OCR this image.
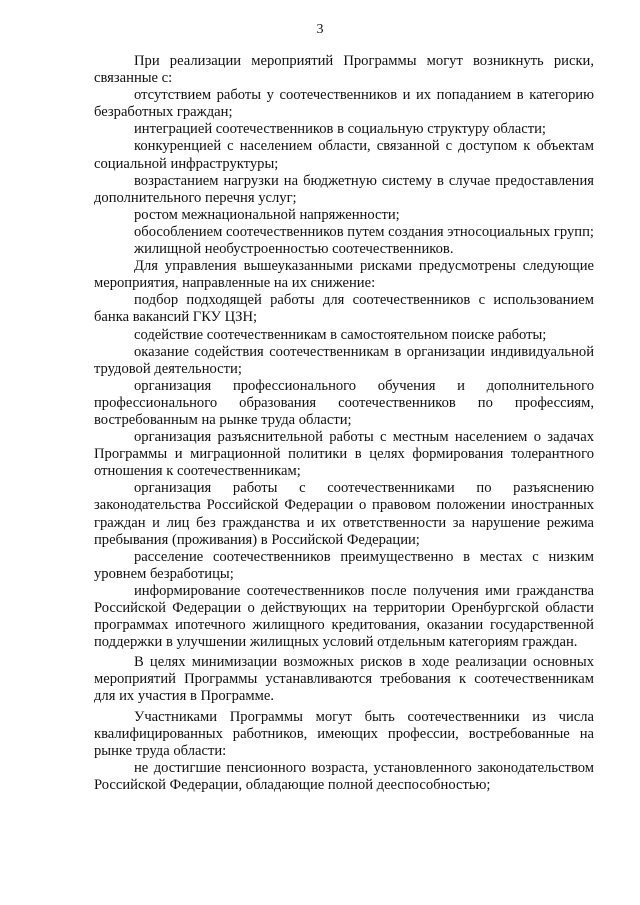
3

При реализации мероприятий Программы могут возникнуть риски, связанные с:

отсутствием работы у соотечественников и их попаданием в категорию безработных граждан;

интеграцией соотечественников в социальную структуру области;

конкуренцией с населением области, связанной с доступом к объектам социальной инфраструктуры;

возрастанием нагрузки на бюджетную систему в случае предоставления дополнительного перечня услуг;

ростом межнациональной напряженности;

обособлением соотечественников путем создания этносоциальных групп;

жилищной необустроенностью соотечественников.

Для управления вышеуказанными рисками предусмотрены следующие мероприятия, направленные на их снижение:

подбор подходящей работы для соотечественников с использованием банка вакансий ГКУ ЦЗН;

содействие соотечественникам в самостоятельном поиске работы;

оказание содействия соотечественникам в организации индивидуальной трудовой деятельности;

организация профессионального обучения и дополнительного профессионального образования соотечественников по профессиям, востребованным на рынке труда области;

организация разъяснительной работы с местным населением о задачах Программы и миграционной политики в целях формирования толерантного отношения к соотечественникам;

организация работы с соотечественниками по разъяснению законодательства Российской Федерации о правовом положении иностранных граждан и лиц без гражданства и их ответственности за нарушение режима пребывания (проживания) в Российской Федерации;

расселение соотечественников преимущественно в местах с низким уровнем безработицы;

информирование соотечественников после получения ими гражданства Российской Федерации о действующих на территории Оренбургской области программах ипотечного жилищного кредитования, оказании государственной поддержки в улучшении жилищных условий отдельным категориям граждан.

В целях минимизации возможных рисков в ходе реализации основных мероприятий Программы устанавливаются требования к соотечественникам для их участия в Программе.

Участниками Программы могут быть соотечественники из числа квалифицированных работников, имеющих профессии, востребованные на рынке труда области:

не достигшие пенсионного возраста, установленного законодательством Российской Федерации, обладающие полной дееспособностью;
